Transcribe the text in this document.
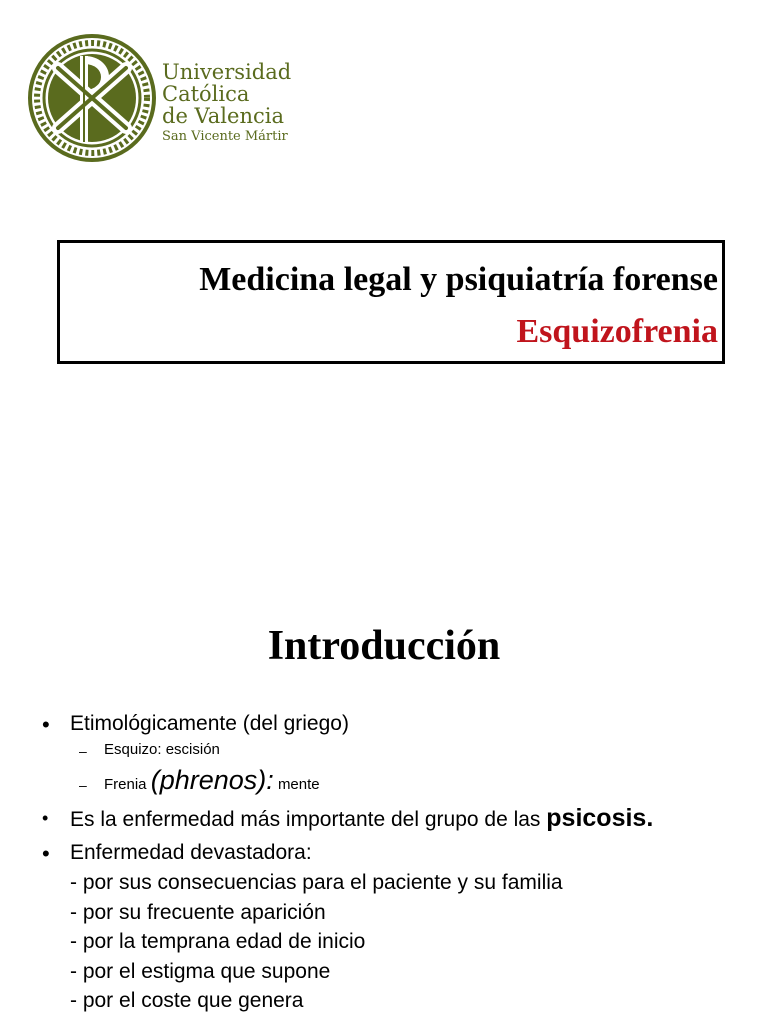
Universidad
Católica
de Valencia
San Vicente Mártir
Medicina legal y psiquiatría forense
Esquizofrenia
Introducción
• Etimológicamente (del griego)
– Esquizo: escisión
– Frenia (phrenos): mente
• Es la enfermedad más importante del grupo de las psicosis.
• Enfermedad devastadora:
- por sus consecuencias para el paciente y su familia
- por su frecuente aparición
- por la temprana edad de inicio
- por el estigma que supone
- por el coste que genera
